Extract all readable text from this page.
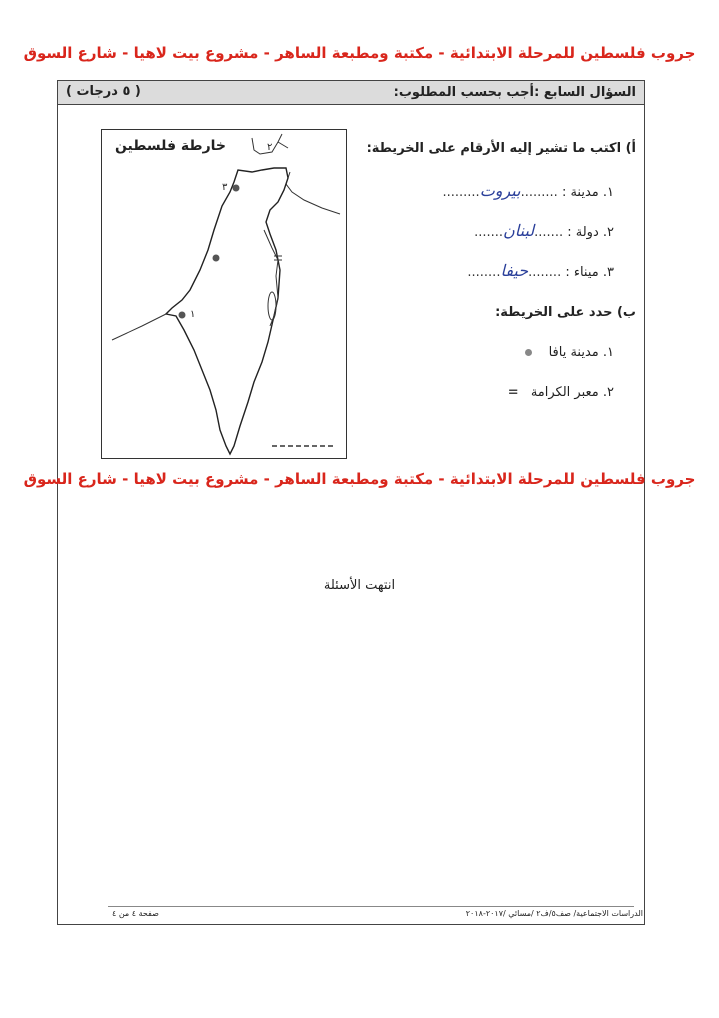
جروب فلسطين للمرحلة الابتدائية - مكتبة ومطبعة الساهر - مشروع بيت لاهيا - شارع السوق
السؤال السابع :
أجب بحسب المطلوب:
( ٥ درجات )
أ) اكتب ما تشير إليه الأرقام على الخريطة:
١. مدينة : .........بيروت.........
٢. دولة : .......لبنان.......
٣. ميناء : ........حيفا........
ب) حدد على الخريطة:
١. مدينة يافا
٢. معبر الكرامة =
خارطة فلسطين
١
٢
٣
جروب فلسطين للمرحلة الابتدائية - مكتبة ومطبعة الساهر - مشروع بيت لاهيا - شارع السوق
انتهت الأسئلة
الدراسات الاجتماعية/ صف٥/ف٢ /مسائي /٢٠١٧-٢٠١٨
صفحة ٤ من ٤
